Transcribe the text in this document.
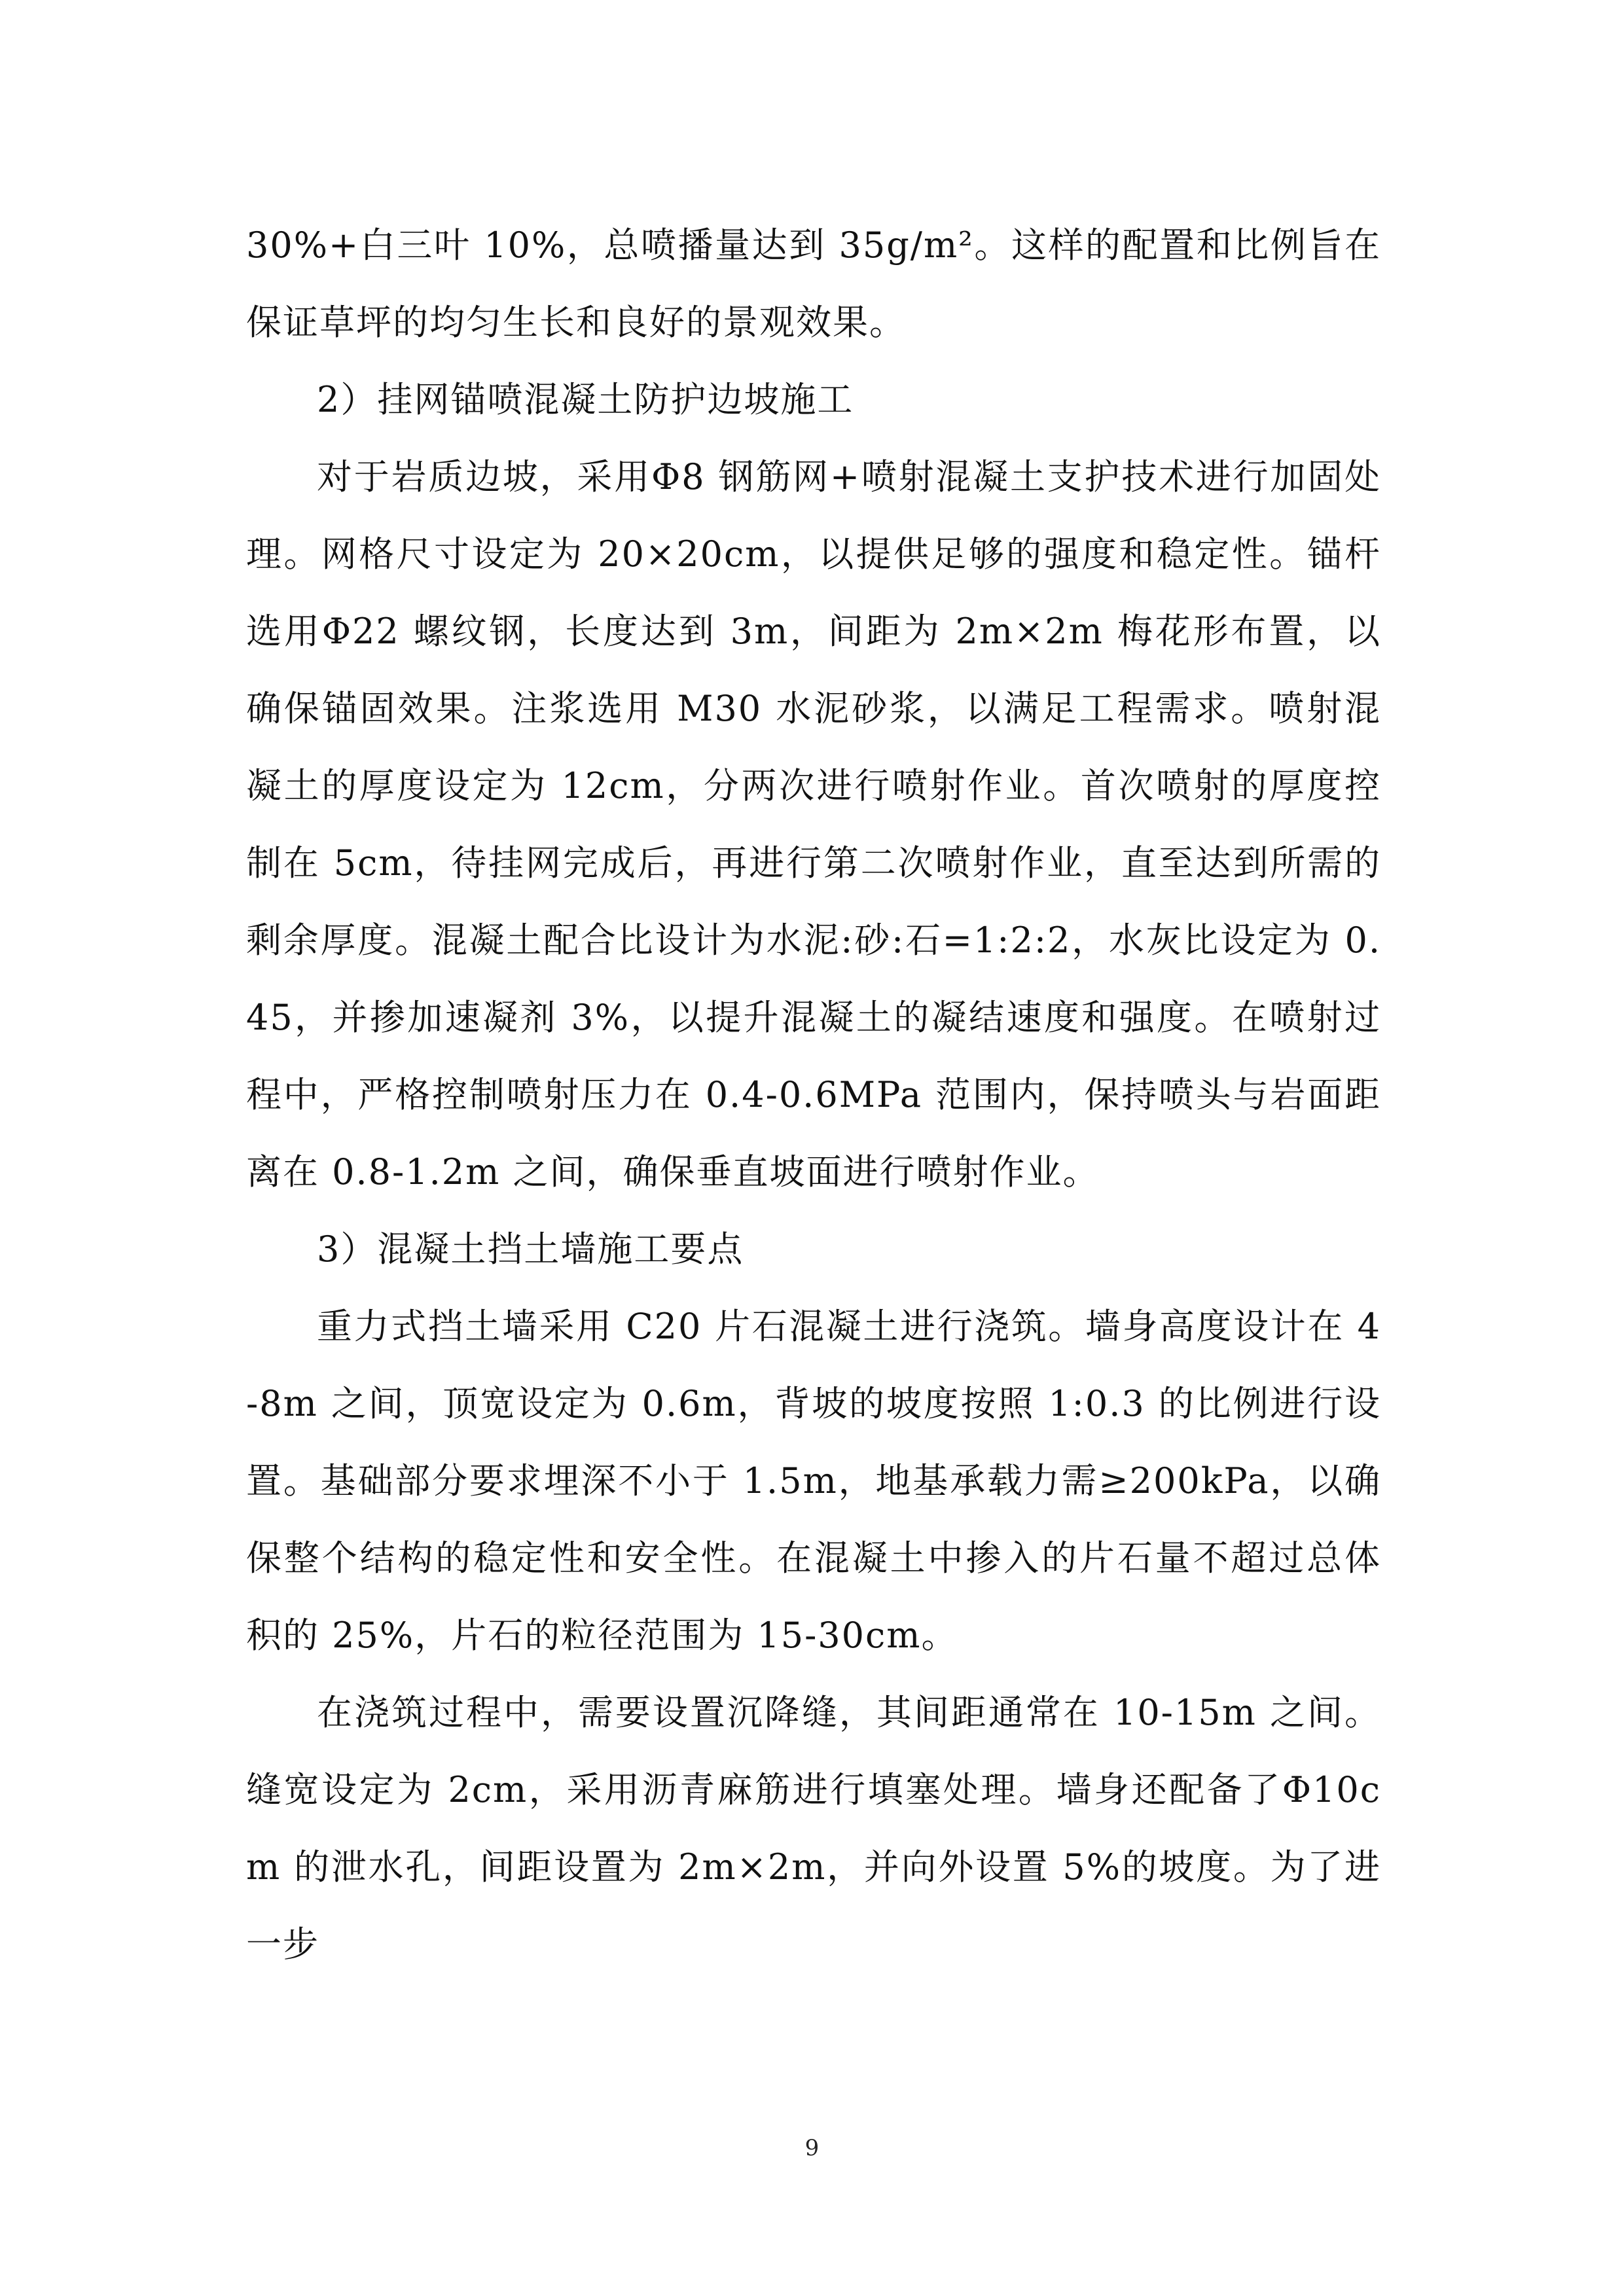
30%+白三叶 10%，总喷播量达到 35g/m²。这样的配置和比例旨在保证草坪的均匀生长和良好的景观效果。

2）挂网锚喷混凝土防护边坡施工

对于岩质边坡，采用Φ8 钢筋网+喷射混凝土支护技术进行加固处理。网格尺寸设定为 20×20cm，以提供足够的强度和稳定性。锚杆选用Φ22 螺纹钢，长度达到 3m，间距为 2m×2m 梅花形布置，以确保锚固效果。注浆选用 M30 水泥砂浆，以满足工程需求。喷射混凝土的厚度设定为 12cm，分两次进行喷射作业。首次喷射的厚度控制在 5cm，待挂网完成后，再进行第二次喷射作业，直至达到所需的剩余厚度。混凝土配合比设计为水泥:砂:石=1:2:2，水灰比设定为 0.45，并掺加速凝剂 3%，以提升混凝土的凝结速度和强度。在喷射过程中，严格控制喷射压力在 0.4-0.6MPa 范围内，保持喷头与岩面距离在 0.8-1.2m 之间，确保垂直坡面进行喷射作业。

3）混凝土挡土墙施工要点

重力式挡土墙采用 C20 片石混凝土进行浇筑。墙身高度设计在 4-8m 之间，顶宽设定为 0.6m，背坡的坡度按照 1:0.3 的比例进行设置。基础部分要求埋深不小于 1.5m，地基承载力需≥200kPa，以确保整个结构的稳定性和安全性。在混凝土中掺入的片石量不超过总体积的 25%，片石的粒径范围为 15-30cm。

在浇筑过程中，需要设置沉降缝，其间距通常在 10-15m 之间。缝宽设定为 2cm，采用沥青麻筋进行填塞处理。墙身还配备了Φ10cm 的泄水孔，间距设置为 2m×2m，并向外设置 5%的坡度。为了进一步

9
